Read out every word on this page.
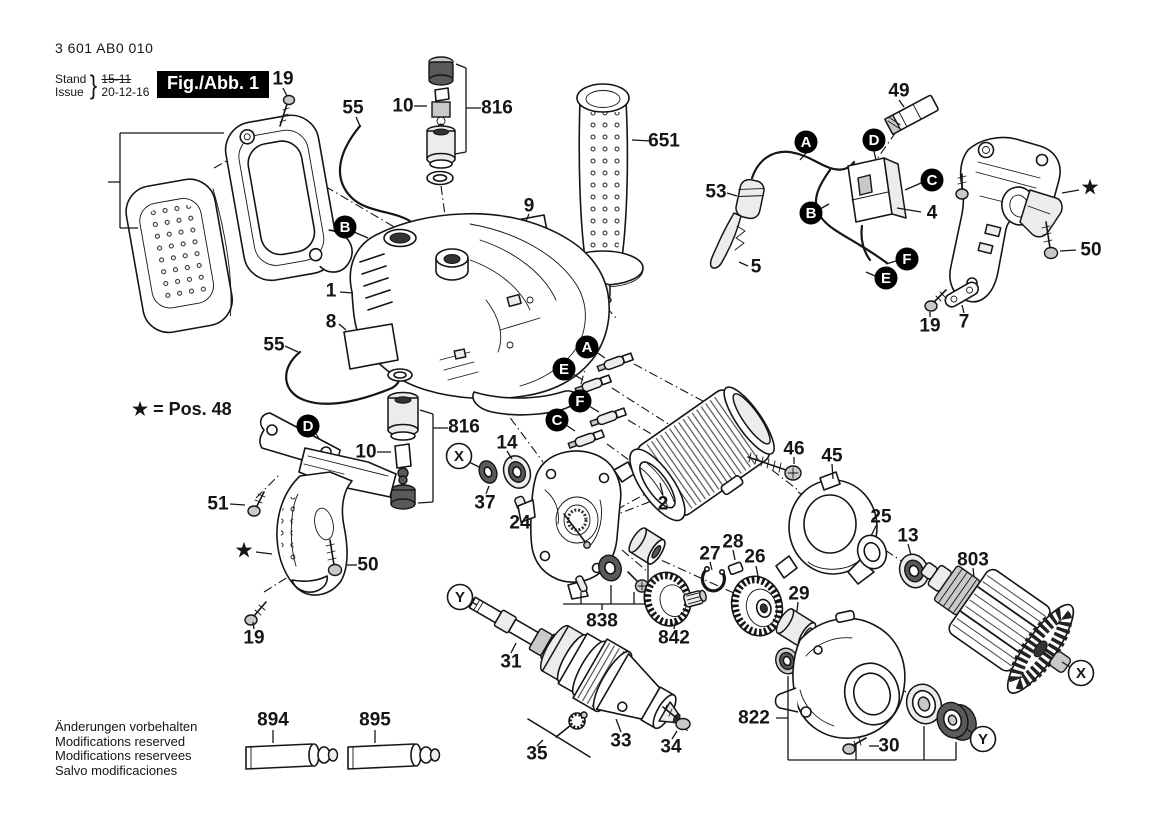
3 601 AB0 010
Stand
Issue } 15-11
20-12-16 Fig./Abb. 1
★ = Pos. 48
Änderungen vorbehalten
Modifications reserved
Modifications reservees
Salvo modificaciones
B
D
A	D
C
B
F
E
A
E
F
C
X
Y
X
Y
19
55 10	816
651
49
53
4
★
50
5
19 7
9
1
8
55
816
10	14
37
24
51
46 45
2
25
13
803
27
28
26
★
50
29
838
842
19
31
822
30
33 34
35
894	895
